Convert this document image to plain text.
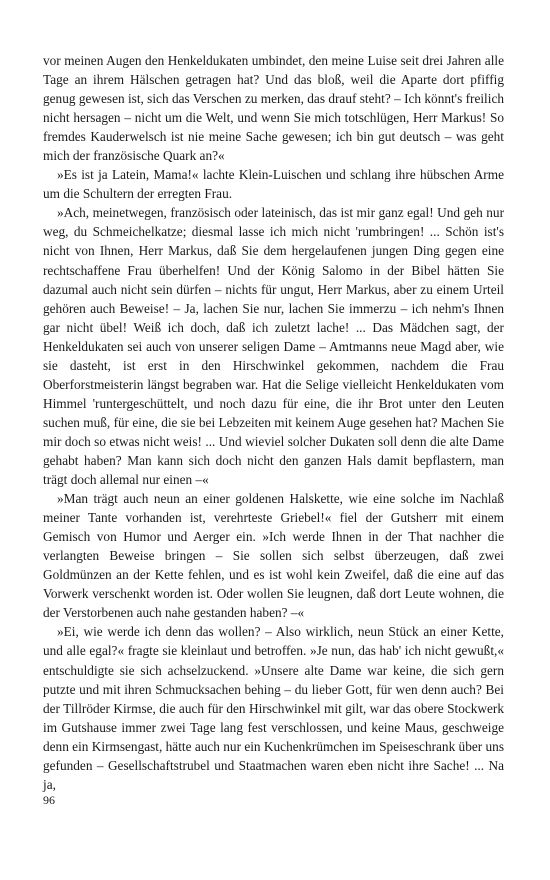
vor meinen Augen den Henkeldukaten umbindet, den meine Luise seit drei Jahren alle Tage an ihrem Hälschen getragen hat? Und das bloß, weil die Aparte dort pfiffig genug gewesen ist, sich das Verschen zu merken, das drauf steht? – Ich könnt's freilich nicht hersagen – nicht um die Welt, und wenn Sie mich totschlügen, Herr Markus! So fremdes Kauderwelsch ist nie meine Sache gewesen; ich bin gut deutsch – was geht mich der französische Quark an?«

»Es ist ja Latein, Mama!« lachte Klein-Luischen und schlang ihre hübschen Arme um die Schultern der erregten Frau.

»Ach, meinetwegen, französisch oder lateinisch, das ist mir ganz egal! Und geh nur weg, du Schmeichelkatze; diesmal lasse ich mich nicht 'rumbringen! ... Schön ist's nicht von Ihnen, Herr Markus, daß Sie dem hergelaufenen jungen Ding gegen eine rechtschaffene Frau überhelfen! Und der König Salomo in der Bibel hätten Sie dazumal auch nicht sein dürfen – nichts für ungut, Herr Markus, aber zu einem Urteil gehören auch Beweise! – Ja, lachen Sie nur, lachen Sie immerzu – ich nehm's Ihnen gar nicht übel! Weiß ich doch, daß ich zuletzt lache! ... Das Mädchen sagt, der Henkeldukaten sei auch von unserer seligen Dame – Amtmanns neue Magd aber, wie sie dasteht, ist erst in den Hirschwinkel gekommen, nachdem die Frau Oberforstmeisterin längst begraben war. Hat die Selige vielleicht Henkeldukaten vom Himmel 'runtergeschüttelt, und noch dazu für eine, die ihr Brot unter den Leuten suchen muß, für eine, die sie bei Lebzeiten mit keinem Auge gesehen hat? Machen Sie mir doch so etwas nicht weis! ... Und wieviel solcher Dukaten soll denn die alte Dame gehabt haben? Man kann sich doch nicht den ganzen Hals damit bepflastern, man trägt doch allemal nur einen –«

»Man trägt auch neun an einer goldenen Halskette, wie eine solche im Nachlaß meiner Tante vorhanden ist, verehrteste Griebel!« fiel der Gutsherr mit einem Gemisch von Humor und Aerger ein. »Ich werde Ihnen in der That nachher die verlangten Beweise bringen – Sie sollen sich selbst überzeugen, daß zwei Goldmünzen an der Kette fehlen, und es ist wohl kein Zweifel, daß die eine auf das Vorwerk verschenkt worden ist. Oder wollen Sie leugnen, daß dort Leute wohnen, die der Verstorbenen auch nahe gestanden haben? –«

»Ei, wie werde ich denn das wollen? – Also wirklich, neun Stück an einer Kette, und alle egal?« fragte sie kleinlaut und betroffen. »Je nun, das hab' ich nicht gewußt,« entschuldigte sie sich achselzuckend. »Unsere alte Dame war keine, die sich gern putzte und mit ihren Schmucksachen behing – du lieber Gott, für wen denn auch? Bei der Tillröder Kirmse, die auch für den Hirschwinkel mit gilt, war das obere Stockwerk im Gutshause immer zwei Tage lang fest verschlossen, und keine Maus, geschweige denn ein Kirmsengast, hätte auch nur ein Kuchenkrümchen im Speiseschrank über uns gefunden – Gesellschaftstrubel und Staatmachen waren eben nicht ihre Sache! ... Na ja,

96
